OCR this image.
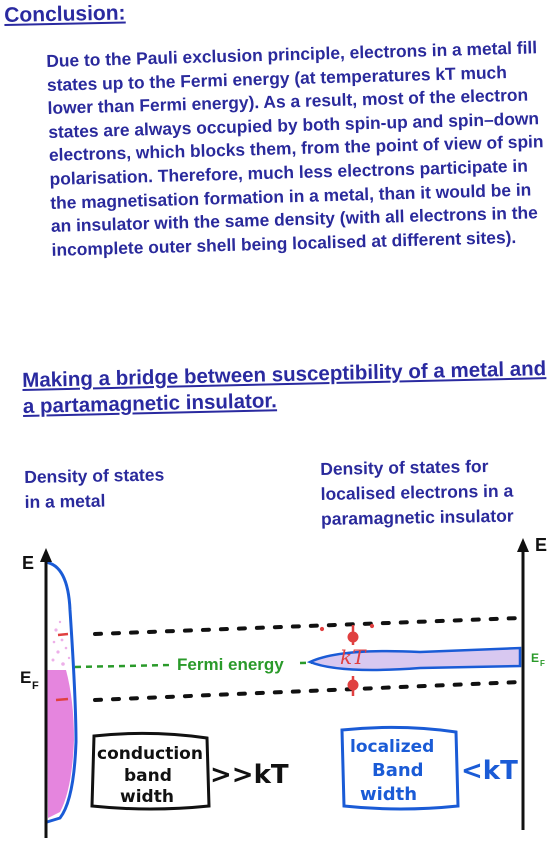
Conclusion:

Due to the Pauli exclusion principle, electrons in a metal fill states up to the Fermi energy (at temperatures kT much lower than Fermi energy). As a result, most of the electron states are always occupied by both spin-up and spin–down electrons, which blocks them, from the point of view of spin polarisation. Therefore, much less electrons participate in the magnetisation formation in a metal, than it would be in an insulator with the same density (with all electrons in the incomplete outer shell being localised at different sites).

Making a bridge between susceptibility of a metal and a partamagnetic insulator.
Density of states
in a metal
Density of states for
localised electrons in a
paramagnetic insulator
E
E
E F
E F
Fermi energy	kT
conduction
band
width
>>kT
localized
Band
width
<kT
